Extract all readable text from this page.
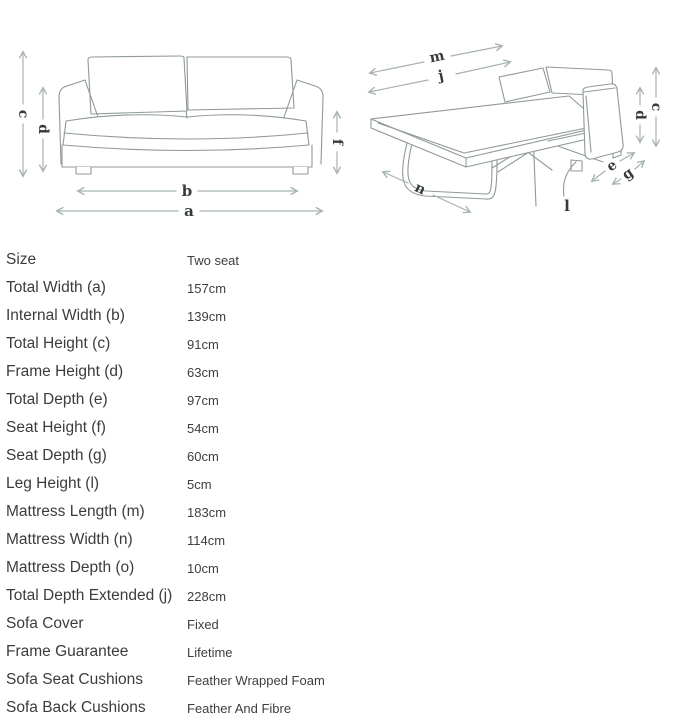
c
d
f
b
a
m
j
c
d
e g
n
l
Size	Two seat
Total Width (a)	157cm
Internal Width (b)	139cm
Total Height (c)	91cm
Frame Height (d)	63cm
Total Depth (e)	97cm
Seat Height (f)	54cm
Seat Depth (g)	60cm
Leg Height (l)	5cm
Mattress Length (m)	183cm
Mattress Width (n)	114cm
Mattress Depth (o)	10cm
Total Depth Extended (j)	228cm
Sofa Cover	Fixed
Frame Guarantee	Lifetime
Sofa Seat Cushions	Feather Wrapped Foam
Sofa Back Cushions	Feather And Fibre
